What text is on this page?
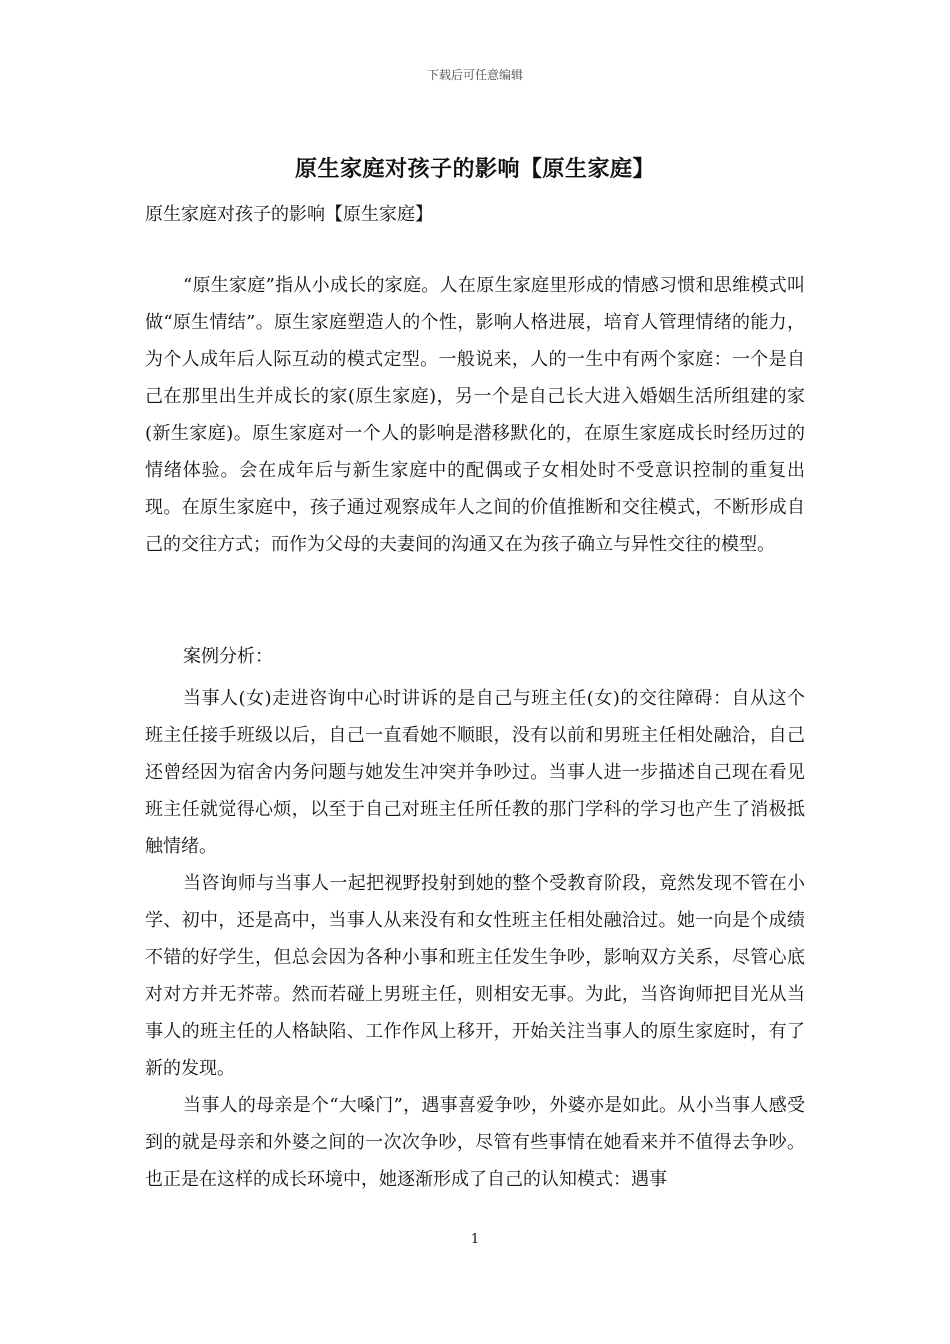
下载后可任意编辑
原生家庭对孩子的影响【原生家庭】
原生家庭对孩子的影响【原生家庭】

“原生家庭”指从小成长的家庭。人在原生家庭里形成的情感习惯和思维模式叫做“原生情结”。原生家庭塑造人的个性，影响人格进展，培育人管理情绪的能力，为个人成年后人际互动的模式定型。一般说来，人的一生中有两个家庭：一个是自己在那里出生并成长的家(原生家庭)，另一个是自己长大进入婚姻生活所组建的家(新生家庭)。原生家庭对一个人的影响是潜移默化的，在原生家庭成长时经历过的情绪体验。会在成年后与新生家庭中的配偶或子女相处时不受意识控制的重复出现。在原生家庭中，孩子通过观察成年人之间的价值推断和交往模式，不断形成自己的交往方式；而作为父母的夫妻间的沟通又在为孩子确立与异性交往的模型。

案例分析：

当事人(女)走进咨询中心时讲诉的是自己与班主任(女)的交往障碍：自从这个班主任接手班级以后，自己一直看她不顺眼，没有以前和男班主任相处融洽，自己还曾经因为宿舍内务问题与她发生冲突并争吵过。当事人进一步描述自己现在看见班主任就觉得心烦，以至于自己对班主任所任教的那门学科的学习也产生了消极抵触情绪。

当咨询师与当事人一起把视野投射到她的整个受教育阶段，竟然发现不管在小学、初中，还是高中，当事人从来没有和女性班主任相处融洽过。她一向是个成绩不错的好学生，但总会因为各种小事和班主任发生争吵，影响双方关系，尽管心底对对方并无芥蒂。然而若碰上男班主任，则相安无事。为此，当咨询师把目光从当事人的班主任的人格缺陷、工作作风上移开，开始关注当事人的原生家庭时，有了新的发现。

当事人的母亲是个“大嗓门”，遇事喜爱争吵，外婆亦是如此。从小当事人感受到的就是母亲和外婆之间的一次次争吵，尽管有些事情在她看来并不值得去争吵。也正是在这样的成长环境中，她逐渐形成了自己的认知模式：遇事

1
